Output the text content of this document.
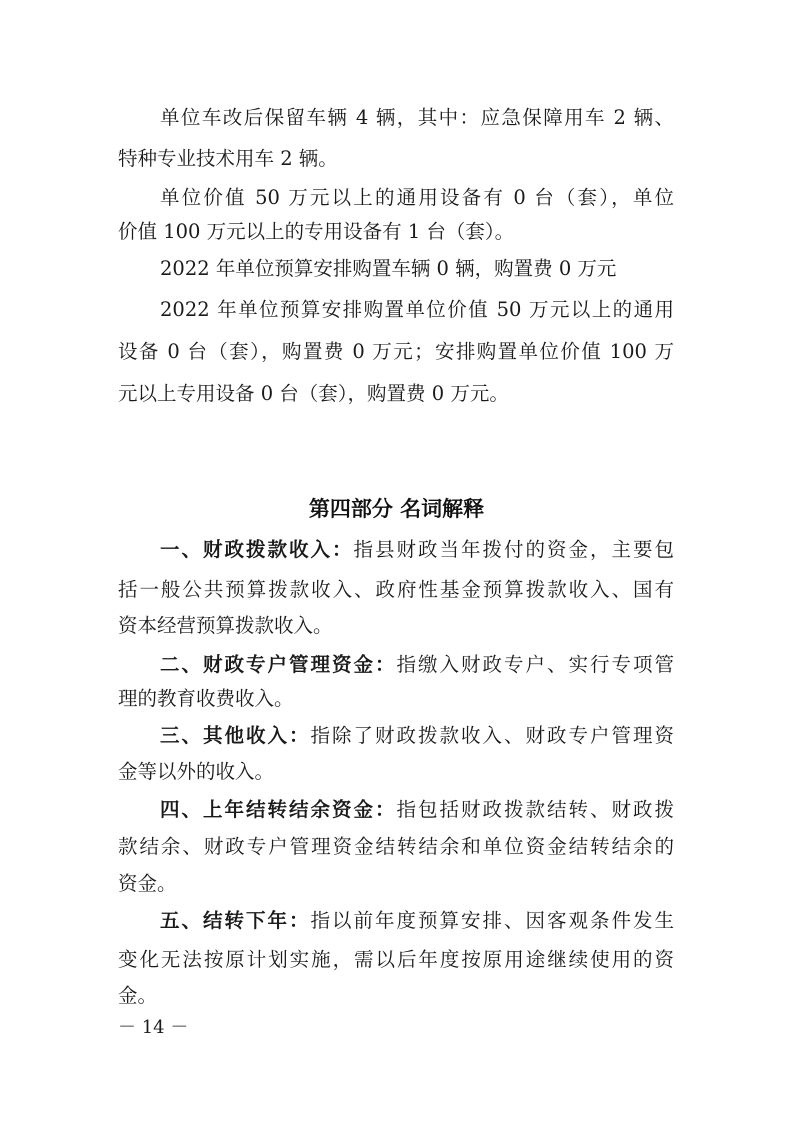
单位车改后保留车辆 4 辆，其中：应急保障用车 2 辆、
特种专业技术用车 2 辆。
单位价值 50 万元以上的通用设备有 0 台（套），单位
价值 100 万元以上的专用设备有 1 台（套）。
2022 年单位预算安排购置车辆 0 辆，购置费 0 万元
2022 年单位预算安排购置单位价值 50 万元以上的通用
设备 0 台（套），购置费 0 万元；安排购置单位价值 100 万
元以上专用设备 0 台（套），购置费 0 万元。
第四部分 名词解释
一、财政拨款收入：指县财政当年拨付的资金，主要包
括一般公共预算拨款收入、政府性基金预算拨款收入、国有
资本经营预算拨款收入。
二、财政专户管理资金：指缴入财政专户、实行专项管
理的教育收费收入。
三、其他收入：指除了财政拨款收入、财政专户管理资
金等以外的收入。
四、上年结转结余资金：指包括财政拨款结转、财政拨
款结余、财政专户管理资金结转结余和单位资金结转结余的
资金。
五、结转下年：指以前年度预算安排、因客观条件发生
变化无法按原计划实施，需以后年度按原用途继续使用的资
金。
－ 14 －
